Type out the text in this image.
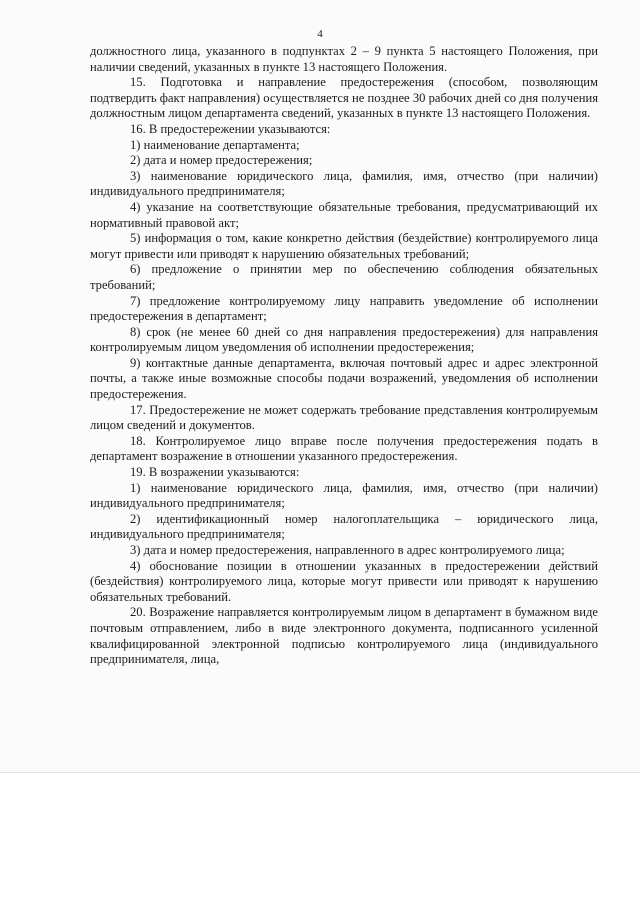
4

должностного лица, указанного в подпунктах 2 – 9 пункта 5 настоящего Положения, при наличии сведений, указанных в пункте 13 настоящего Положения.

15. Подготовка и направление предостережения (способом, позволяющим подтвердить факт направления) осуществляется не позднее 30 рабочих дней со дня получения должностным лицом департамента сведений, указанных в пункте 13 настоящего Положения.

16. В предостережении указываются:

1) наименование департамента;

2) дата и номер предостережения;

3) наименование юридического лица, фамилия, имя, отчество (при наличии) индивидуального предпринимателя;

4) указание на соответствующие обязательные требования, предусматривающий их нормативный правовой акт;

5) информация о том, какие конкретно действия (бездействие) контролируемого лица могут привести или приводят к нарушению обязательных требований;

6) предложение о принятии мер по обеспечению соблюдения обязательных требований;

7) предложение контролируемому лицу направить уведомление об исполнении предостережения в департамент;

8) срок (не менее 60 дней со дня направления предостережения) для направления контролируемым лицом уведомления об исполнении предостережения;

9) контактные данные департамента, включая почтовый адрес и адрес электронной почты, а также иные возможные способы подачи возражений, уведомления об исполнении предостережения.

17. Предостережение не может содержать требование представления контролируемым лицом сведений и документов.

18. Контролируемое лицо вправе после получения предостережения подать в департамент возражение в отношении указанного предостережения.

19. В возражении указываются:

1) наименование юридического лица, фамилия, имя, отчество (при наличии) индивидуального предпринимателя;

2) идентификационный номер налогоплательщика – юридического лица, индивидуального предпринимателя;

3) дата и номер предостережения, направленного в адрес контролируемого лица;

4) обоснование позиции в отношении указанных в предостережении действий (бездействия) контролируемого лица, которые могут привести или приводят к нарушению обязательных требований.

20. Возражение направляется контролируемым лицом в департамент в бумажном виде почтовым отправлением, либо в виде электронного документа, подписанного усиленной квалифицированной электронной подписью контролируемого лица (индивидуального предпринимателя, лица,
